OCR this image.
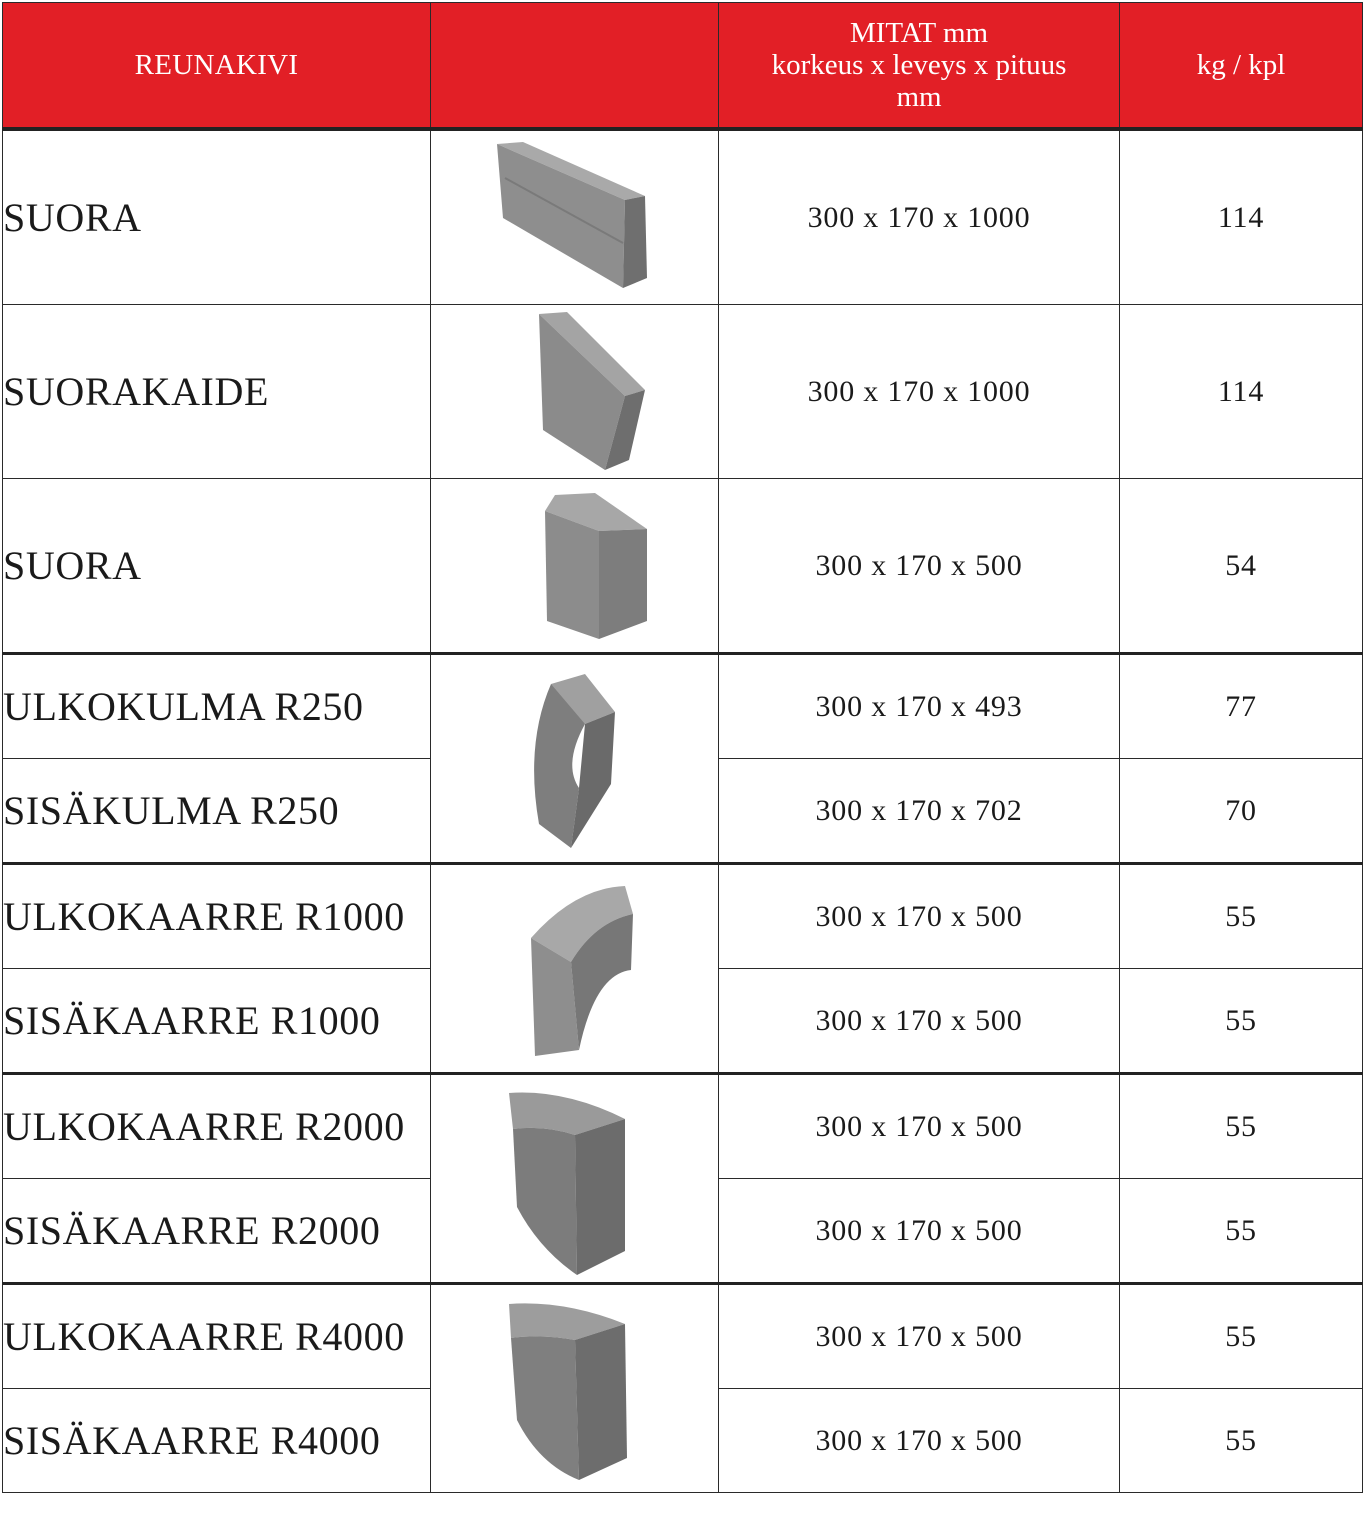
REUNAKIVI		MITAT mm
korkeus x leveys x pituus
mm	kg / kpl
SUORA		300 x 170 x 1000	114
SUORAKAIDE		300 x 170 x 1000	114
SUORA		300 x 170 x 500	54
ULKOKULMA R250		300 x 170 x 493	77
SISÄKULMA R250		300 x 170 x 702	70
ULKOKAARRE R1000		300 x 170 x 500	55
SISÄKAARRE R1000		300 x 170 x 500	55
ULKOKAARRE R2000		300 x 170 x 500	55
SISÄKAARRE R2000		300 x 170 x 500	55
ULKOKAARRE R4000		300 x 170 x 500	55
SISÄKAARRE R4000		300 x 170 x 500	55
